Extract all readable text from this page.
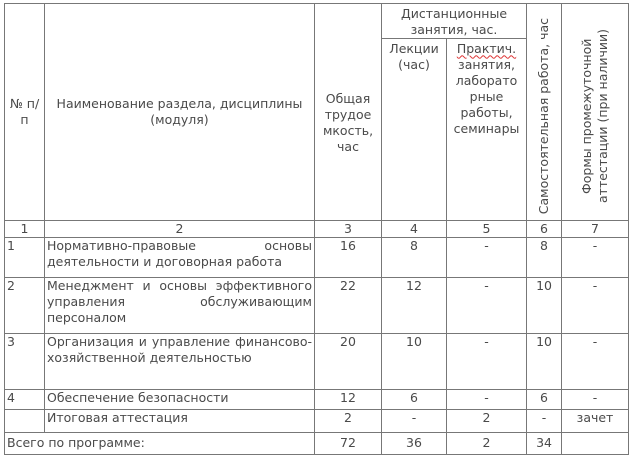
№ п/п	Наименование раздела, дисциплины (модуля)	Общая трудое мкость, час	Дистанционные занятия, час.		Самостоятельная работа, час	Формы промежуточной аттестации (при наличии)
			Лекции (час)	Практич. занятия, лаборато рные работы, семинары		
1	2	3	4	5	6	7
1	Нормативно-правовые основы деятельности и договорная работа	16	8	-	8	-
2	Менеджмент и основы эффективного управления обслуживающим персоналом	22	12	-	10	-
3	Организация и управление финансово-хозяйственной деятельностью	20	10	-	10	-
4	Обеспечение безопасности	12	6	-	6	-
	Итоговая аттестация	2	-	2	-	зачет
Всего по программе:		72	36	2	34	
